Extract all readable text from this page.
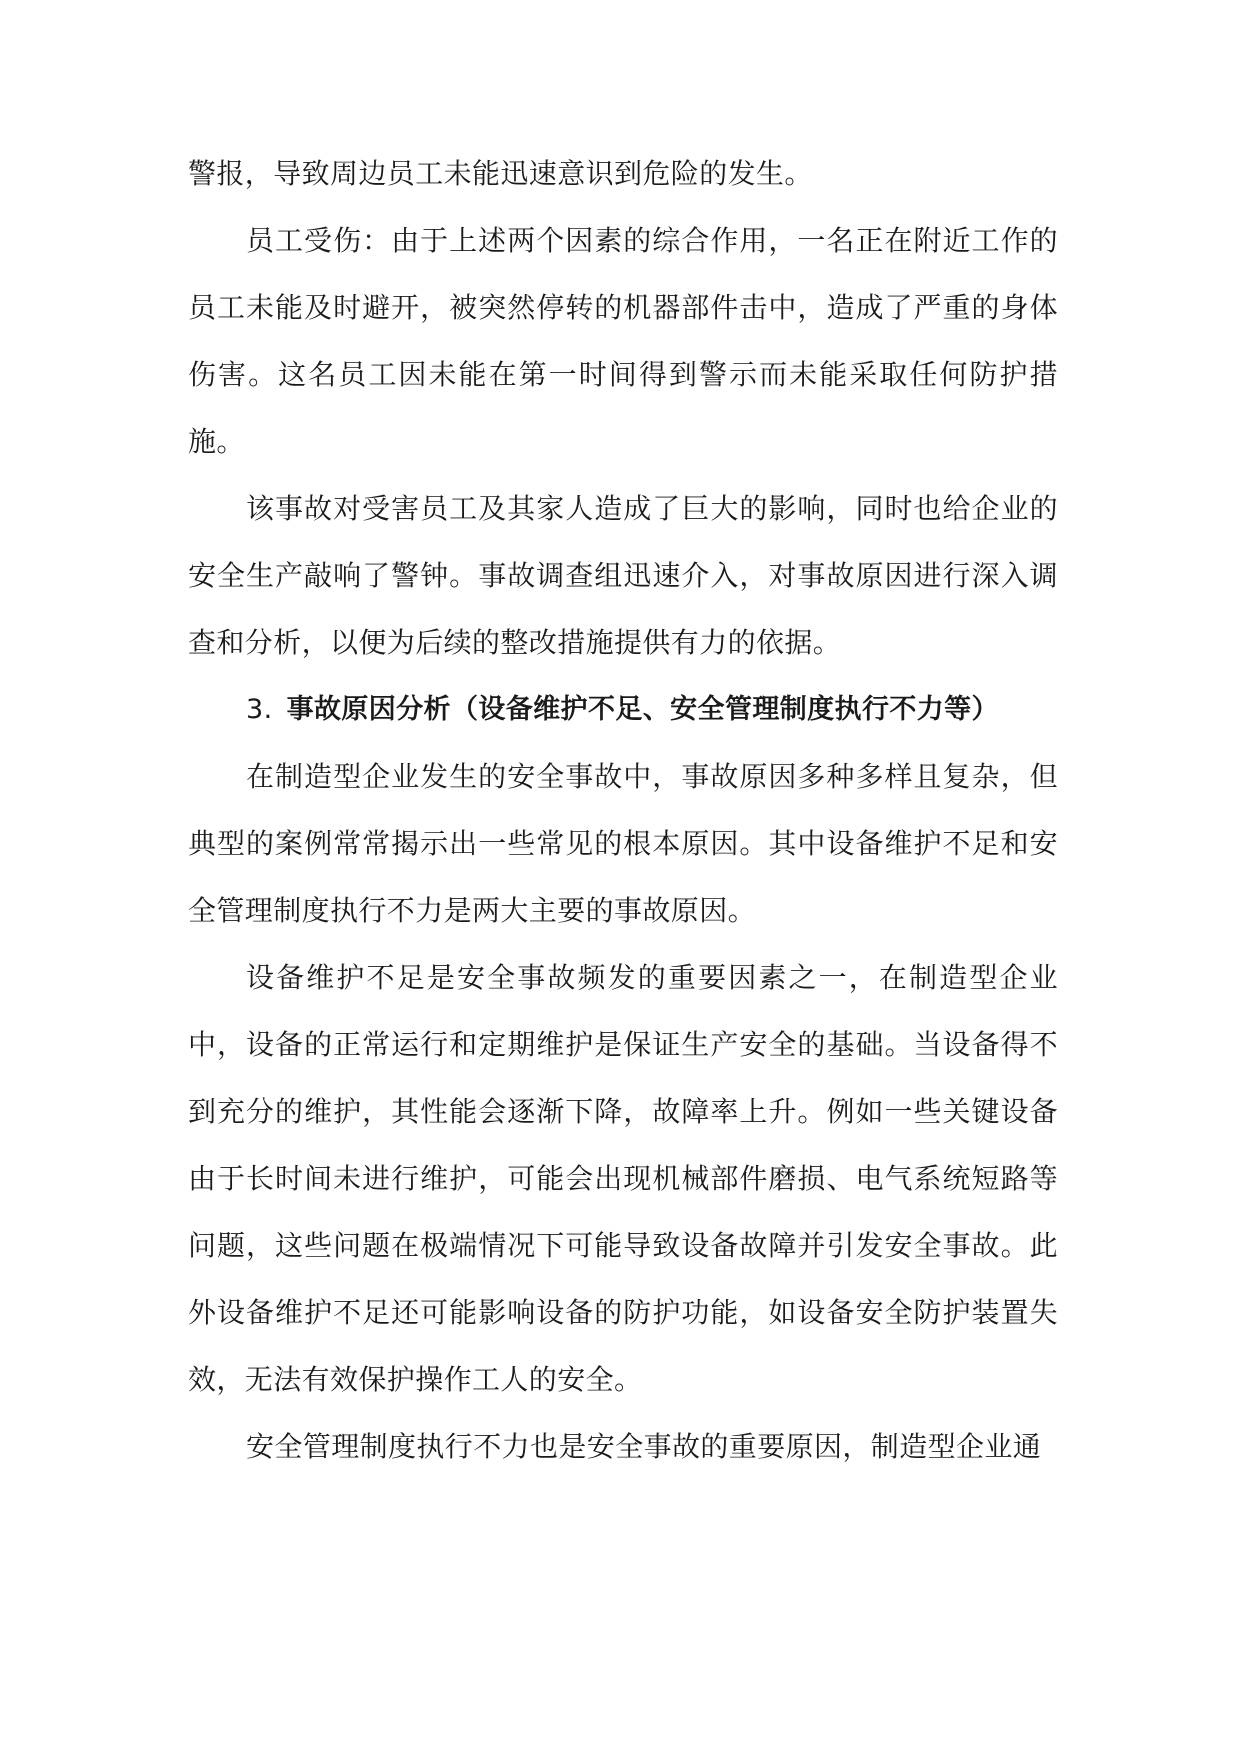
警报，导致周边员工未能迅速意识到危险的发生。

员工受伤：由于上述两个因素的综合作用，一名正在附近工作的员工未能及时避开，被突然停转的机器部件击中，造成了严重的身体伤害。这名员工因未能在第一时间得到警示而未能采取任何防护措施。

该事故对受害员工及其家人造成了巨大的影响，同时也给企业的安全生产敲响了警钟。事故调查组迅速介入，对事故原因进行深入调查和分析，以便为后续的整改措施提供有力的依据。

3. 事故原因分析（设备维护不足、安全管理制度执行不力等）

在制造型企业发生的安全事故中，事故原因多种多样且复杂，但典型的案例常常揭示出一些常见的根本原因。其中设备维护不足和安全管理制度执行不力是两大主要的事故原因。

设备维护不足是安全事故频发的重要因素之一，在制造型企业中，设备的正常运行和定期维护是保证生产安全的基础。当设备得不到充分的维护，其性能会逐渐下降，故障率上升。例如一些关键设备由于长时间未进行维护，可能会出现机械部件磨损、电气系统短路等问题，这些问题在极端情况下可能导致设备故障并引发安全事故。此外设备维护不足还可能影响设备的防护功能，如设备安全防护装置失效，无法有效保护操作工人的安全。

安全管理制度执行不力也是安全事故的重要原因，制造型企业通
